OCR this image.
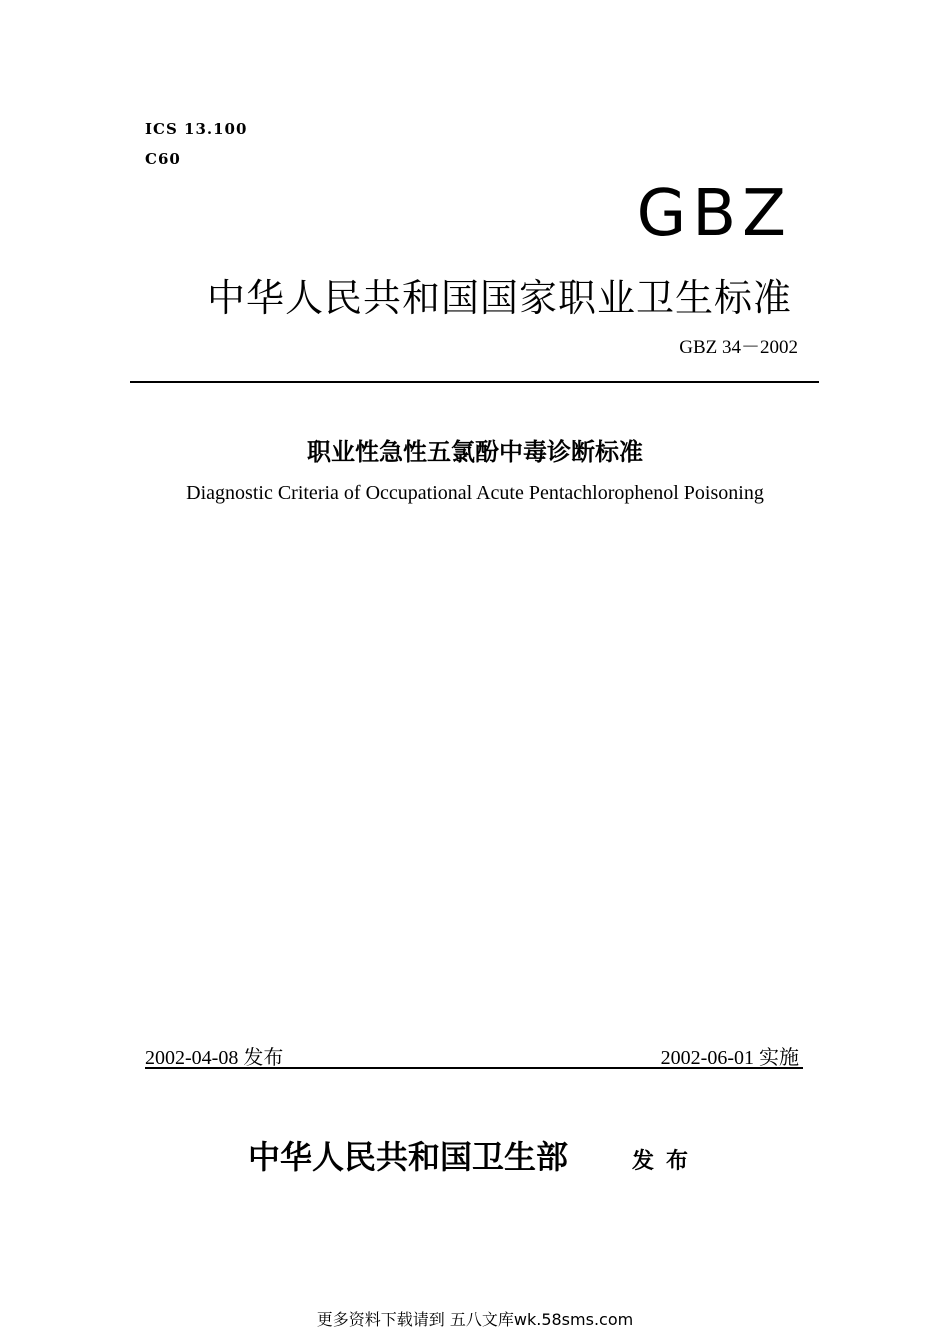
ICS 13.100
C60
GBZ
中华人民共和国国家职业卫生标准
GBZ 34－2002
职业性急性五氯酚中毒诊断标准
Diagnostic Criteria of Occupational Acute Pentachlorophenol Poisoning
2002-04-08 发布	2002-06-01 实施
中华人民共和国卫生部	发布
更多资料下载请到 五八文库wk.58sms.com
